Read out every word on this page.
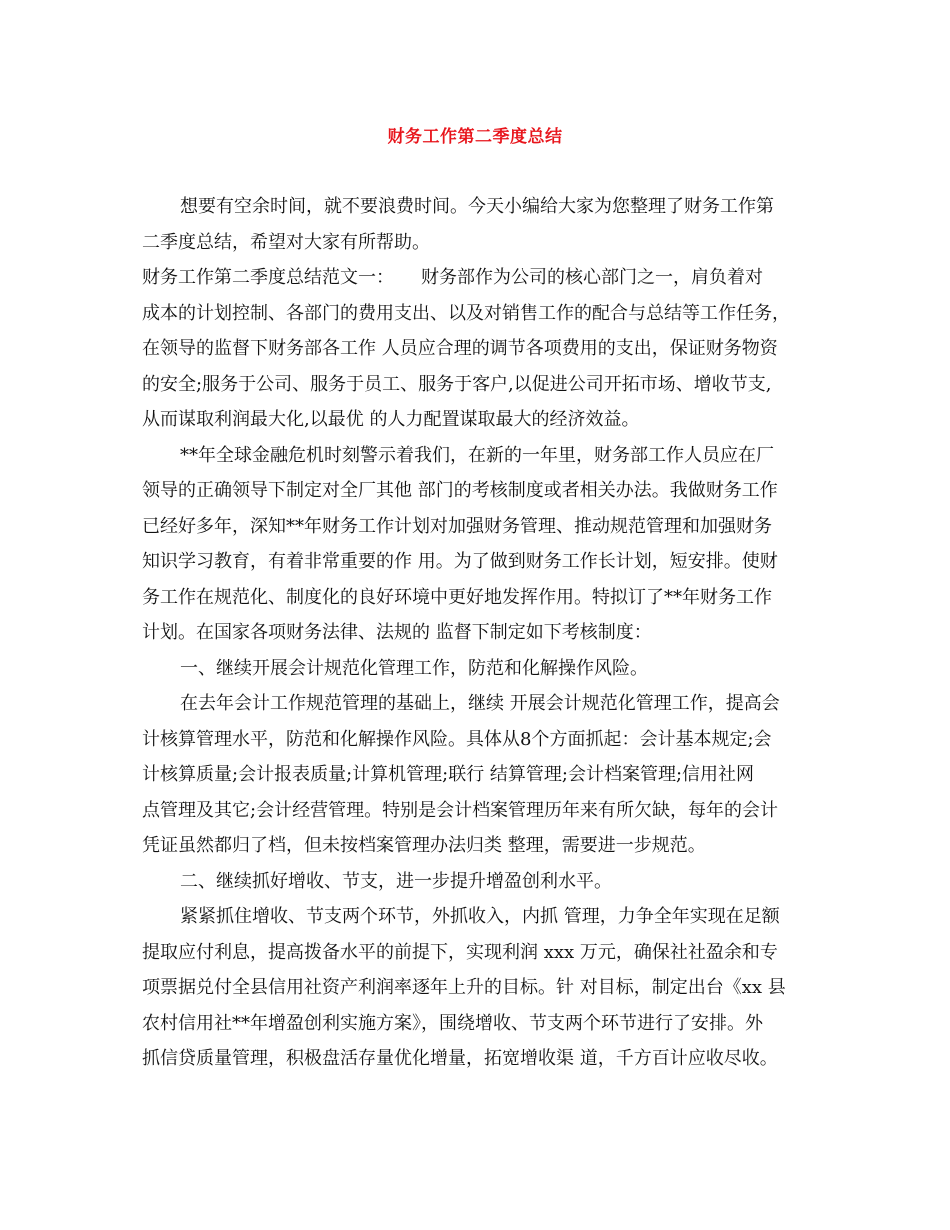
财务工作第二季度总结
想要有空余时间，就不要浪费时间。今天小编给大家为您整理了财务工作第
二季度总结，希望对大家有所帮助。
财务工作第二季度总结范文一：　　财务部作为公司的核心部门之一，肩负着对
成本的计划控制、各部门的费用支出、以及对销售工作的配合与总结等工作任务，
在领导的监督下财务部各工作 人员应合理的调节各项费用的支出，保证财务物资
的安全;服务于公司、服务于员工、服务于客户,以促进公司开拓市场、增收节支,
从而谋取利润最大化,以最优 的人力配置谋取最大的经济效益。
**年全球金融危机时刻警示着我们，在新的一年里，财务部工作人员应在厂
领导的正确领导下制定对全厂其他 部门的考核制度或者相关办法。我做财务工作
已经好多年，深知**年财务工作计划对加强财务管理、推动规范管理和加强财务
知识学习教育，有着非常重要的作 用。为了做到财务工作长计划，短安排。使财
务工作在规范化、制度化的良好环境中更好地发挥作用。特拟订了**年财务工作
计划。在国家各项财务法律、法规的 监督下制定如下考核制度：
一、继续开展会计规范化管理工作，防范和化解操作风险。
在去年会计工作规范管理的基础上，继续 开展会计规范化管理工作，提高会
计核算管理水平，防范和化解操作风险。具体从8个方面抓起：会计基本规定;会
计核算质量;会计报表质量;计算机管理;联行 结算管理;会计档案管理;信用社网
点管理及其它;会计经营管理。特别是会计档案管理历年来有所欠缺，每年的会计
凭证虽然都归了档，但未按档案管理办法归类 整理，需要进一步规范。
二、继续抓好增收、节支，进一步提升增盈创利水平。
紧紧抓住增收、节支两个环节，外抓收入，内抓 管理，力争全年实现在足额
提取应付利息，提高拨备水平的前提下，实现利润 xxx 万元，确保社社盈余和专
项票据兑付全县信用社资产利润率逐年上升的目标。针 对目标，制定出台《xx 县
农村信用社**年增盈创利实施方案》，围绕增收、节支两个环节进行了安排。外
抓信贷质量管理，积极盘活存量优化增量，拓宽增收渠 道，千方百计应收尽收。
